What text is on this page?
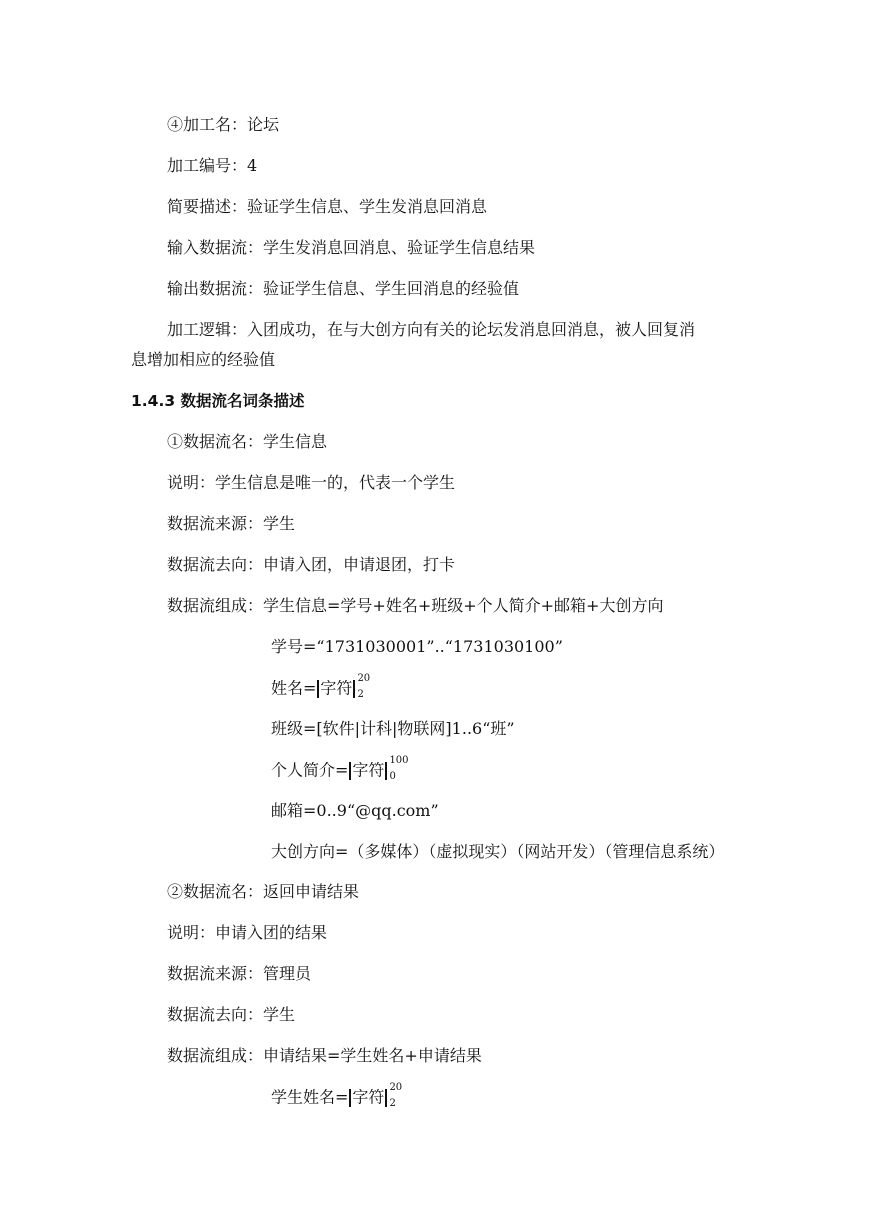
④加工名：论坛
加工编号：4
简要描述：验证学生信息、学生发消息回消息
输入数据流：学生发消息回消息、验证学生信息结果
输出数据流：验证学生信息、学生回消息的经验值
加工逻辑：入团成功，在与大创方向有关的论坛发消息回消息，被人回复消
息增加相应的经验值
1.4.3 数据流名词条描述
①数据流名：学生信息
说明：学生信息是唯一的，代表一个学生
数据流来源：学生
数据流去向：申请入团，申请退团，打卡
数据流组成：学生信息=学号+姓名+班级+个人简介+邮箱+大创方向
学号=“1731030001”..“1731030100”
姓名= 字符 20
2
班级=[软件|计科|物联网]1..6“班”
个人简介= 字符 100
0
邮箱=0..9“@qq.com”
大创方向=（多媒体）（虚拟现实）（网站开发）（管理信息系统）
②数据流名：返回申请结果
说明：申请入团的结果
数据流来源：管理员
数据流去向：学生
数据流组成：申请结果=学生姓名+申请结果
学生姓名= 字符 20
2
